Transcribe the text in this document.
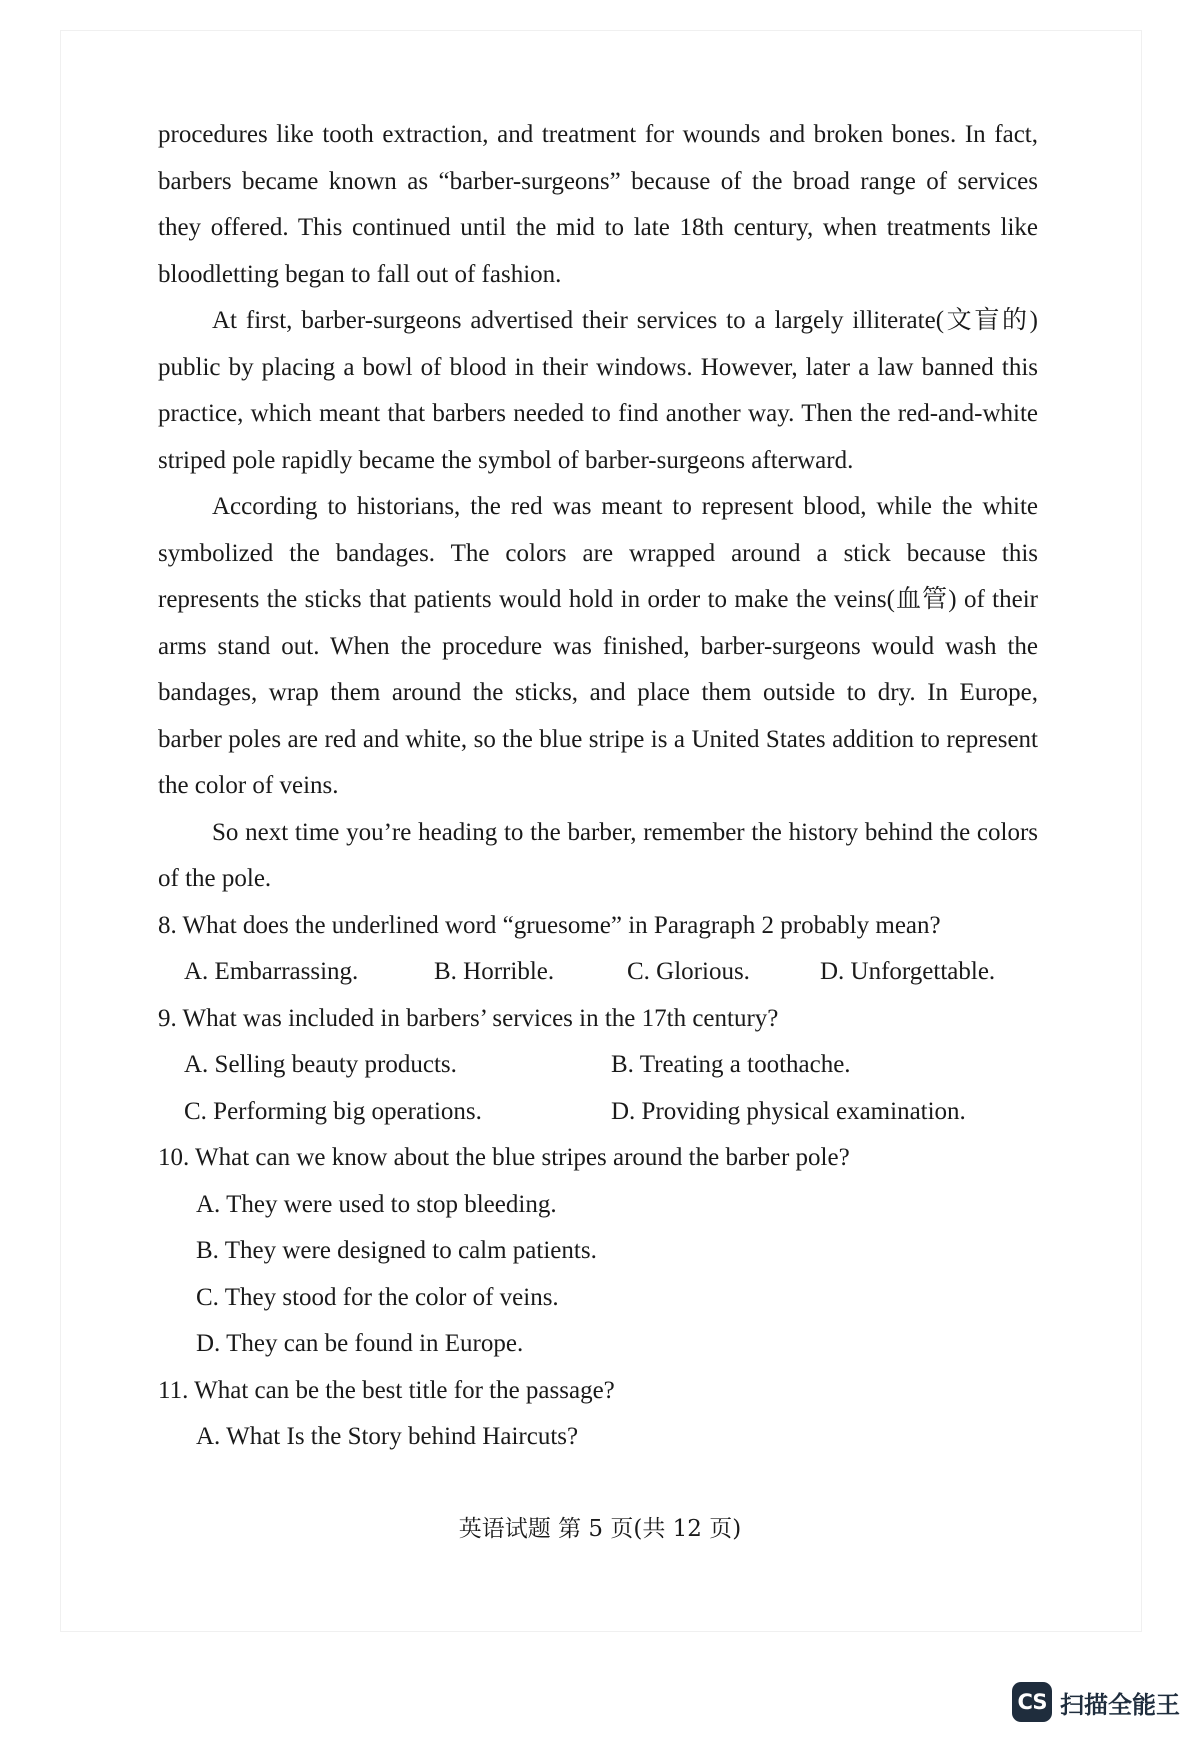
procedures like tooth extraction, and treatment for wounds and broken bones. In fact, barbers became known as “barber-surgeons” because of the broad range of services they offered. This continued until the mid to late 18th century, when treatments like bloodletting began to fall out of fashion.

At first, barber-surgeons advertised their services to a largely illiterate(文盲的) public by placing a bowl of blood in their windows. However, later a law banned this practice, which meant that barbers needed to find another way. Then the red-and-white striped pole rapidly became the symbol of barber-surgeons afterward.

According to historians, the red was meant to represent blood, while the white symbolized the bandages. The colors are wrapped around a stick because this represents the sticks that patients would hold in order to make the veins(血管) of their arms stand out. When the procedure was finished, barber-surgeons would wash the bandages, wrap them around the sticks, and place them outside to dry. In Europe, barber poles are red and white, so the blue stripe is a United States addition to represent the color of veins.

So next time you’re heading to the barber, remember the history behind the colors of the pole.

8. What does the underlined word “gruesome” in Paragraph 2 probably mean?

A. Embarrassing.	B. Horrible.	C. Glorious.	D. Unforgettable.

9. What was included in barbers’ services in the 17th century?

A. Selling beauty products.	B. Treating a toothache.
C. Performing big operations.	D. Providing physical examination.

10. What can we know about the blue stripes around the barber pole?

A. They were used to stop bleeding.
B. They were designed to calm patients.
C. They stood for the color of veins.
D. They can be found in Europe.

11. What can be the best title for the passage?

A. What Is the Story behind Haircuts?
英语试题 第 5 页(共 12 页)
CS 扫描全能王
